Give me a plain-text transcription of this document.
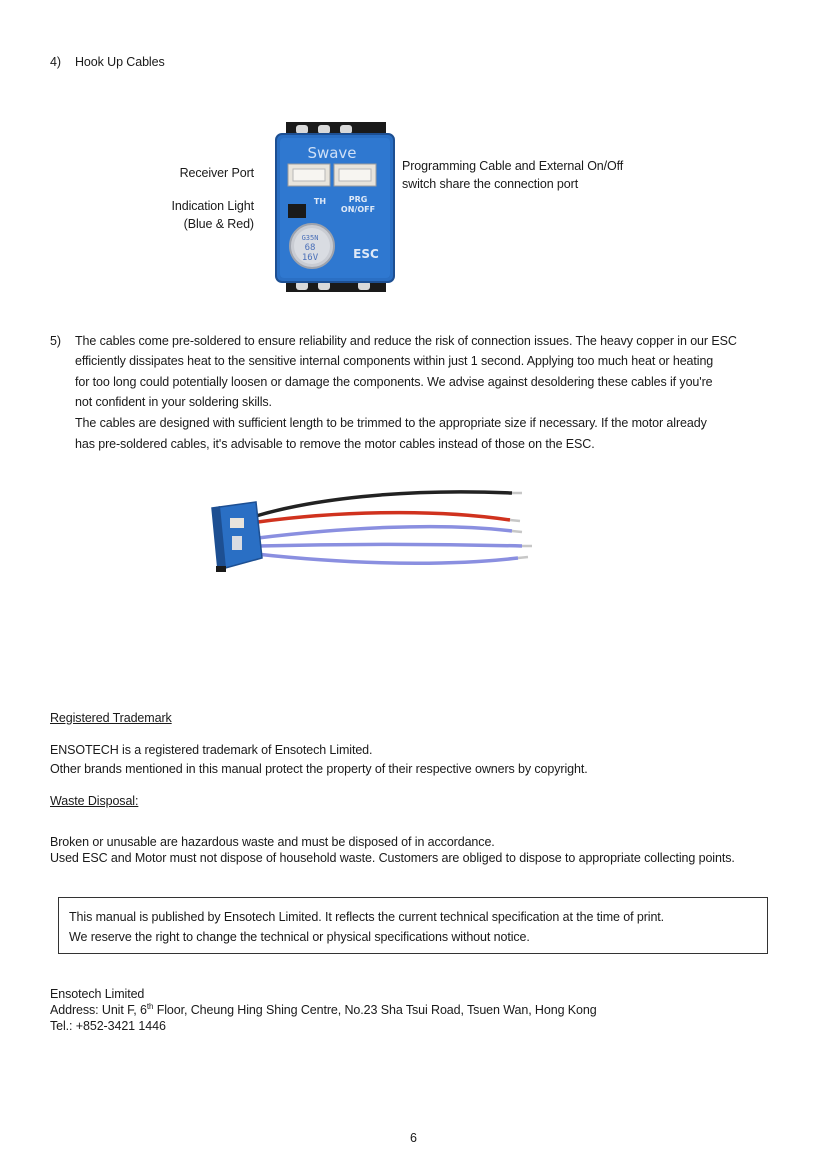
4) Hook Up Cables
Receiver Port
Indication Light
(Blue & Red)
Programming Cable and External On/Off
switch share the connection port
Swave
TH	PRG
ON/OFF
G35N
68
16V	ESC
5) The cables come pre-soldered to ensure reliability and reduce the risk of connection issues. The heavy copper in our ESC
efficiently dissipates heat to the sensitive internal components within just 1 second. Applying too much heat or heating
for too long could potentially loosen or damage the components. We advise against desoldering these cables if you're
not confident in your soldering skills.
The cables are designed with sufficient length to be trimmed to the appropriate size if necessary. If the motor already
has pre-soldered cables, it's advisable to remove the motor cables instead of those on the ESC.
Registered Trademark
ENSOTECH is a registered trademark of Ensotech Limited.
Other brands mentioned in this manual protect the property of their respective owners by copyright.
Waste Disposal:
Broken or unusable are hazardous waste and must be disposed of in accordance.
Used ESC and Motor must not dispose of household waste. Customers are obliged to dispose to appropriate collecting points.
This manual is published by Ensotech Limited. It reflects the current technical specification at the time of print.
We reserve the right to change the technical or physical specifications without notice.
Ensotech Limited
Address: Unit F, 6th Floor, Cheung Hing Shing Centre, No.23 Sha Tsui Road, Tsuen Wan, Hong Kong
Tel.: +852-3421 1446
6
